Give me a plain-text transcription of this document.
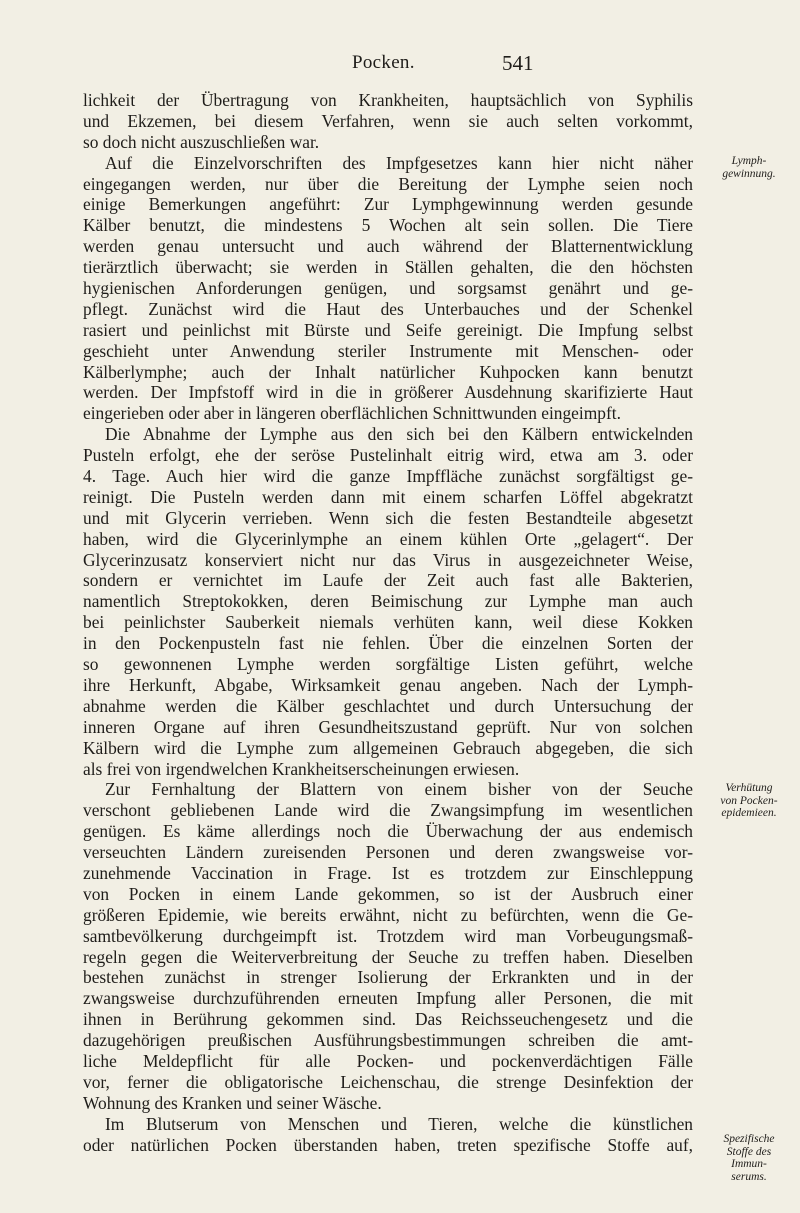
Pocken.	541
lichkeit der Übertragung von Krankheiten, hauptsächlich von Syphilis
und Ekzemen, bei diesem Verfahren, wenn sie auch selten vorkommt,
so doch nicht auszuschließen war.
Auf die Einzelvorschriften des Impfgesetzes kann hier nicht näher
eingegangen werden, nur über die Bereitung der Lymphe seien noch
einige Bemerkungen angeführt: Zur Lymphgewinnung werden gesunde
Kälber benutzt, die mindestens 5 Wochen alt sein sollen. Die Tiere
werden genau untersucht und auch während der Blatternentwicklung
tierärztlich überwacht; sie werden in Ställen gehalten, die den höchsten
hygienischen Anforderungen genügen, und sorgsamst genährt und ge-
pflegt. Zunächst wird die Haut des Unterbauches und der Schenkel
rasiert und peinlichst mit Bürste und Seife gereinigt. Die Impfung selbst
geschieht unter Anwendung steriler Instrumente mit Menschen- oder
Kälberlymphe; auch der Inhalt natürlicher Kuhpocken kann benutzt
werden. Der Impfstoff wird in die in größerer Ausdehnung skarifizierte Haut
eingerieben oder aber in längeren oberflächlichen Schnittwunden eingeimpft.
Die Abnahme der Lymphe aus den sich bei den Kälbern entwickelnden
Pusteln erfolgt, ehe der seröse Pustelinhalt eitrig wird, etwa am 3. oder
4. Tage. Auch hier wird die ganze Impffläche zunächst sorgfältigst ge-
reinigt. Die Pusteln werden dann mit einem scharfen Löffel abgekratzt
und mit Glycerin verrieben. Wenn sich die festen Bestandteile abgesetzt
haben, wird die Glycerinlymphe an einem kühlen Orte „gelagert“. Der
Glycerinzusatz konserviert nicht nur das Virus in ausgezeichneter Weise,
sondern er vernichtet im Laufe der Zeit auch fast alle Bakterien,
namentlich Streptokokken, deren Beimischung zur Lymphe man auch
bei peinlichster Sauberkeit niemals verhüten kann, weil diese Kokken
in den Pockenpusteln fast nie fehlen. Über die einzelnen Sorten der
so gewonnenen Lymphe werden sorgfältige Listen geführt, welche
ihre Herkunft, Abgabe, Wirksamkeit genau angeben. Nach der Lymph-
abnahme werden die Kälber geschlachtet und durch Untersuchung der
inneren Organe auf ihren Gesundheitszustand geprüft. Nur von solchen
Kälbern wird die Lymphe zum allgemeinen Gebrauch abgegeben, die sich
als frei von irgendwelchen Krankheitserscheinungen erwiesen.
Zur Fernhaltung der Blattern von einem bisher von der Seuche
verschont gebliebenen Lande wird die Zwangsimpfung im wesentlichen
genügen. Es käme allerdings noch die Überwachung der aus endemisch
verseuchten Ländern zureisenden Personen und deren zwangsweise vor-
zunehmende Vaccination in Frage. Ist es trotzdem zur Einschleppung
von Pocken in einem Lande gekommen, so ist der Ausbruch einer
größeren Epidemie, wie bereits erwähnt, nicht zu befürchten, wenn die Ge-
samtbevölkerung durchgeimpft ist. Trotzdem wird man Vorbeugungsmaß-
regeln gegen die Weiterverbreitung der Seuche zu treffen haben. Dieselben
bestehen zunächst in strenger Isolierung der Erkrankten und in der
zwangsweise durchzuführenden erneuten Impfung aller Personen, die mit
ihnen in Berührung gekommen sind. Das Reichsseuchengesetz und die
dazugehörigen preußischen Ausführungsbestimmungen schreiben die amt-
liche Meldepflicht für alle Pocken- und pockenverdächtigen Fälle
vor, ferner die obligatorische Leichenschau, die strenge Desinfektion der
Wohnung des Kranken und seiner Wäsche.
Im Blutserum von Menschen und Tieren, welche die künstlichen
oder natürlichen Pocken überstanden haben, treten spezifische Stoffe auf,
Lymph-
gewinnung.
Verhütung
von Pocken-
epidemieen.
Spezifische
Stoffe des
Immun-
serums.
